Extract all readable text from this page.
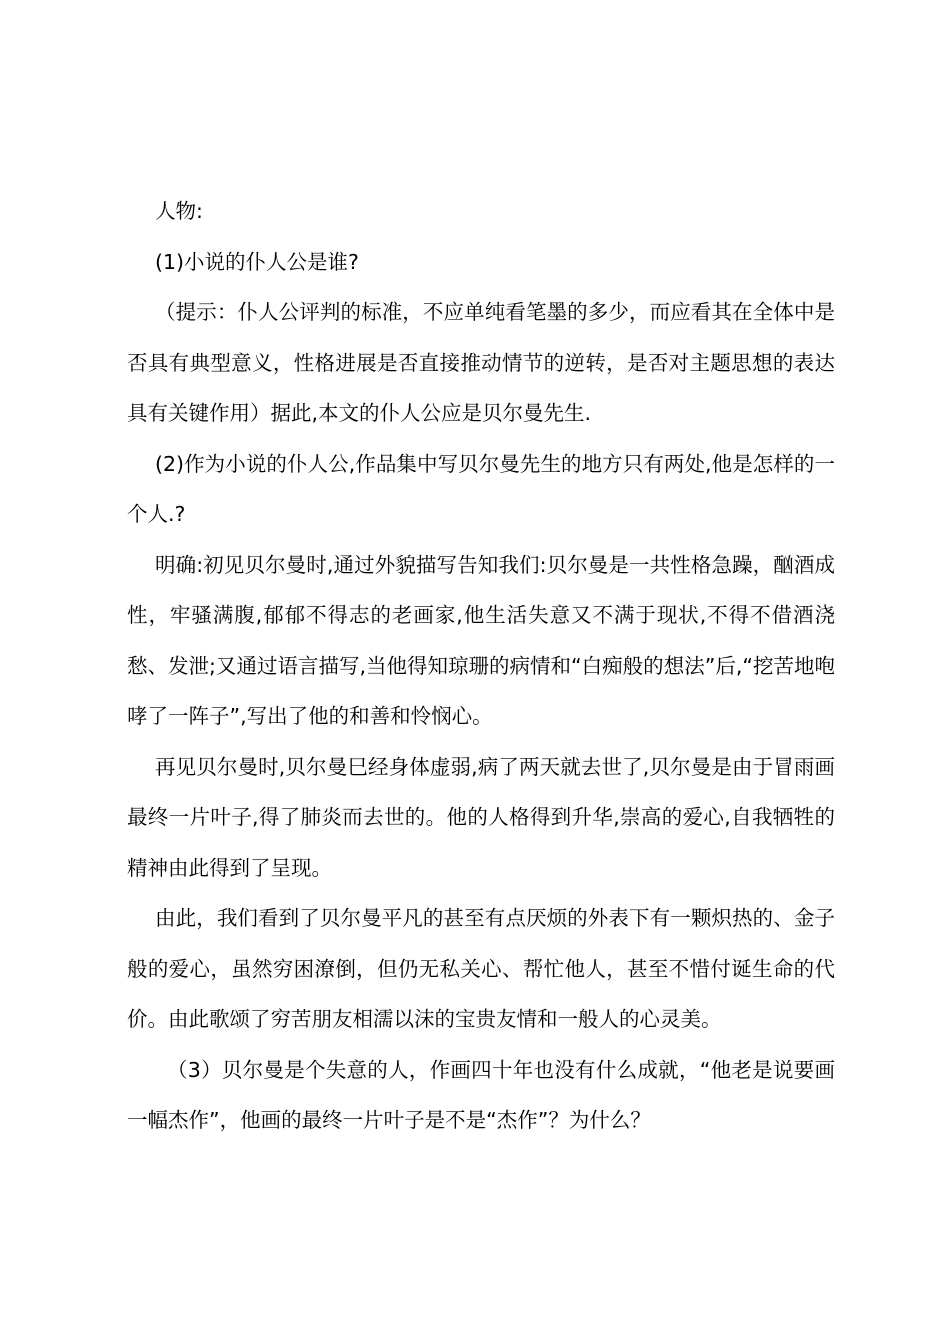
人物:

(1)小说的仆人公是谁?

（提示：仆人公评判的标准，不应单纯看笔墨的多少，而应看其在全体中是否具有典型意义，性格进展是否直接推动情节的逆转，是否对主题思想的表达具有关键作用）据此,本文的仆人公应是贝尔曼先生.

(2)作为小说的仆人公,作品集中写贝尔曼先生的地方只有两处,他是怎样的一个人.?

明确:初见贝尔曼时,通过外貌描写告知我们:贝尔曼是一共性格急躁，酗酒成性，牢骚满腹,郁郁不得志的老画家,他生活失意又不满于现状,不得不借酒浇愁、发泄;又通过语言描写,当他得知琼珊的病情和“白痴般的想法”后,“挖苦地咆哮了一阵子”,写出了他的和善和怜悯心。

再见贝尔曼时,贝尔曼巳经身体虚弱,病了两天就去世了,贝尔曼是由于冒雨画最终一片叶子,得了肺炎而去世的。他的人格得到升华,崇高的爱心,自我牺牲的精神由此得到了呈现。

由此，我们看到了贝尔曼平凡的甚至有点厌烦的外表下有一颗炽热的、金子般的爱心，虽然穷困潦倒，但仍无私关心、帮忙他人，甚至不惜付诞生命的代价。由此歌颂了穷苦朋友相濡以沫的宝贵友情和一般人的心灵美。

（3）贝尔曼是个失意的人，作画四十年也没有什么成就，“他老是说要画一幅杰作”，他画的最终一片叶子是不是“杰作”？为什么？
